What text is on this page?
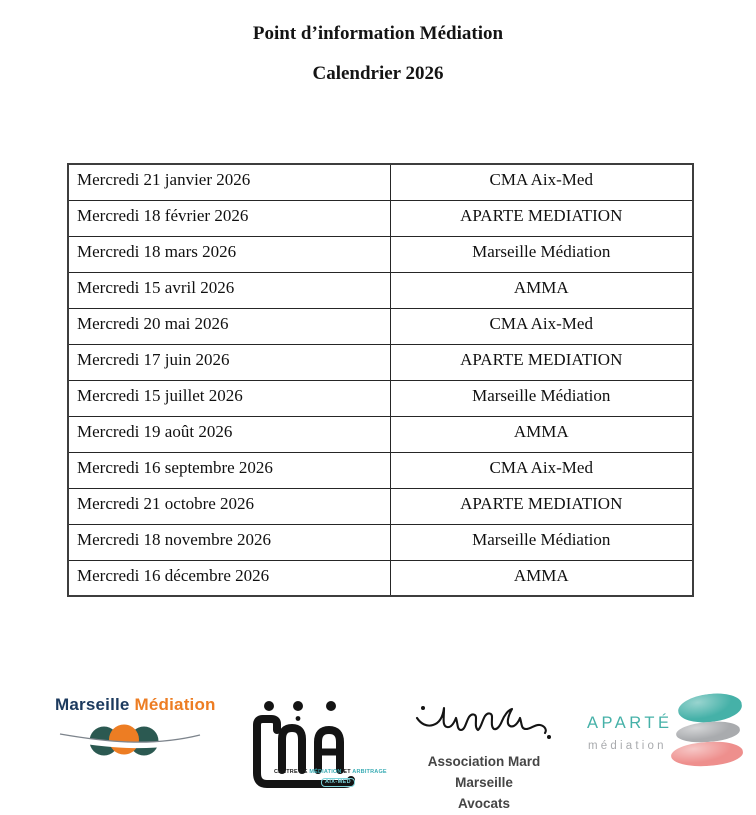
Point d’information Médiation
Calendrier 2026
Mercredi 21 janvier 2026	CMA Aix-Med
Mercredi 18 février 2026	APARTE MEDIATION
Mercredi 18 mars 2026	Marseille Médiation
Mercredi 15 avril 2026	AMMA
Mercredi 20 mai 2026	CMA Aix-Med
Mercredi 17 juin 2026	APARTE MEDIATION
Mercredi 15 juillet 2026	Marseille Médiation
Mercredi 19 août 2026	AMMA
Mercredi 16 septembre 2026	CMA Aix-Med
Mercredi 21 octobre 2026	APARTE MEDIATION
Mercredi 18 novembre 2026	Marseille Médiation
Mercredi 16 décembre 2026	AMMA
Marseille Médiation
CENTRE DE MÉDIATION ET ARBITRAGE
AIX-MED
Association Mard Marseille
Avocats
APARTÉ
médiation
